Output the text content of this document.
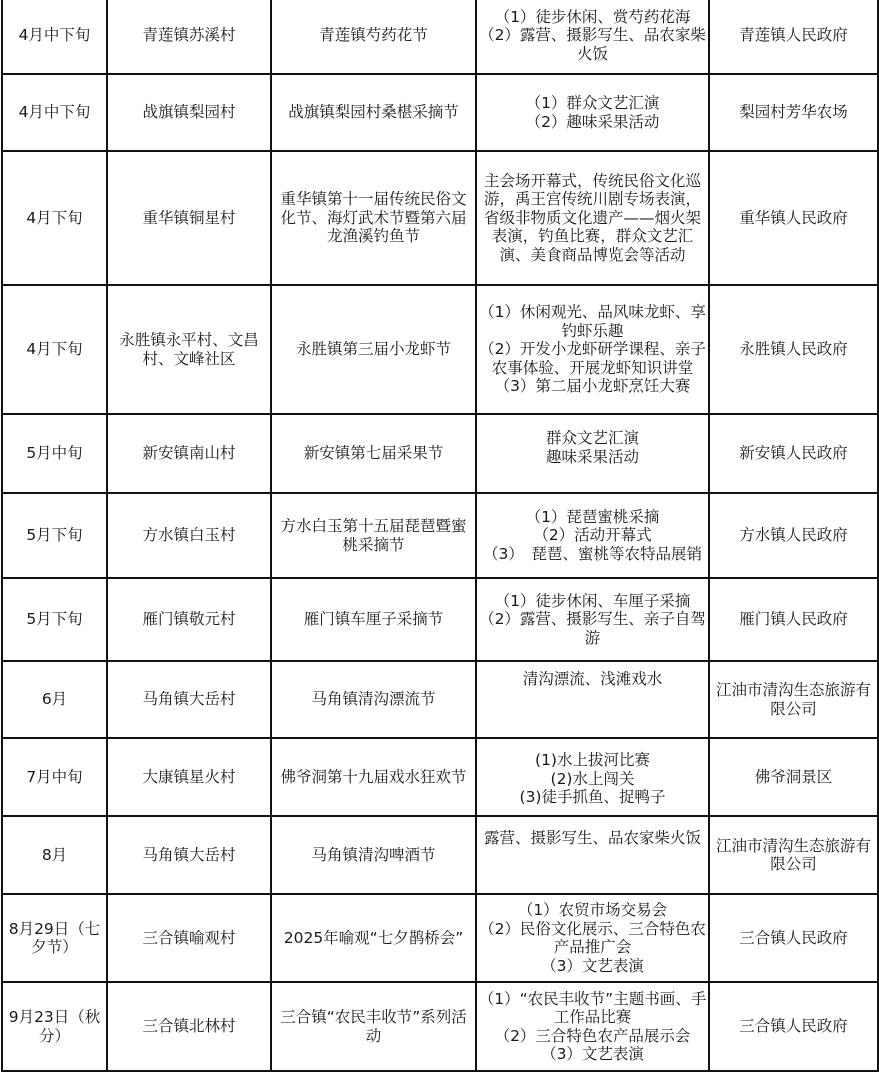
4月中下旬	青莲镇苏溪村	青莲镇芍药花节	（1）徒步休闲、赏芍药花海
（2）露营、摄影写生、品农家柴火饭	青莲镇人民政府
4月中下旬	战旗镇梨园村	战旗镇梨园村桑椹采摘节	（1）群众文艺汇演
（2）趣味采果活动	梨园村芳华农场
4月下旬	重华镇铜星村	重华镇第十一届传统民俗文化节、海灯武术节暨第六届龙渔溪钓鱼节	主会场开幕式，传统民俗文化巡游，禹王宫传统川剧专场表演，省级非物质文化遗产——烟火架表演，钓鱼比赛，群众文艺汇演、美食商品博览会等活动	重华镇人民政府
4月下旬	永胜镇永平村、文昌村、文峰社区	永胜镇第三届小龙虾节	（1）休闲观光、品风味龙虾、享钓虾乐趣
（2）开发小龙虾研学课程、亲子农事体验、开展龙虾知识讲堂
（3）第二届小龙虾烹饪大赛	永胜镇人民政府
5月中旬	新安镇南山村	新安镇第七届采果节	群众文艺汇演
趣味采果活动	新安镇人民政府
5月下旬	方水镇白玉村	方水白玉第十五届琵琶暨蜜桃采摘节	（1）琵琶蜜桃采摘
（2）活动开幕式
（3）　琵琶、蜜桃等农特品展销	方水镇人民政府
5月下旬	雁门镇敬元村	雁门镇车厘子采摘节	（1）徒步休闲、车厘子采摘
（2）露营、摄影写生、亲子自驾游	雁门镇人民政府
6月	马角镇大岳村	马角镇清沟漂流节	清沟漂流、浅滩戏水	江油市清沟生态旅游有限公司
7月中旬	大康镇星火村	佛爷洞第十九届戏水狂欢节	(1)水上拔河比赛
(2)水上闯关
(3)徒手抓鱼、捉鸭子	佛爷洞景区
8月	马角镇大岳村	马角镇清沟啤酒节	露营、摄影写生、品农家柴火饭	江油市清沟生态旅游有限公司
8月29日（七夕节）	三合镇喻观村	2025年喻观“七夕鹊桥会”	（1）农贸市场交易会
（2）民俗文化展示、三合特色农产品推广会
（3）文艺表演	三合镇人民政府
9月23日（秋分）	三合镇北林村	三合镇“农民丰收节”系列活动	（1）“农民丰收节”主题书画、手工作品比赛
（2）三合特色农产品展示会
（3）文艺表演	三合镇人民政府
